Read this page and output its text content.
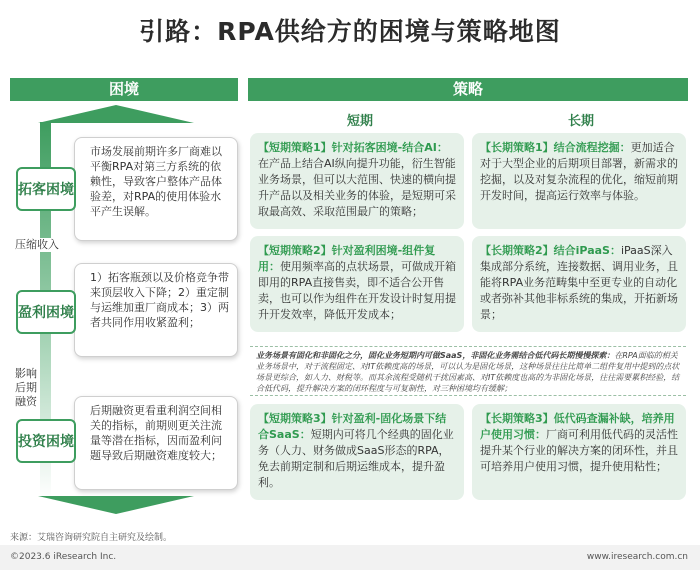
引路：RPA供给方的困境与策略地图
困境	策略
市场发展前期许多厂商难以平衡RPA对第三方系统的依赖性，导致客户整体产品体验差，对RPA的使用体验水平产生误解。
拓客困境
压缩收入
1）拓客瓶颈以及价格竞争带来顶层收入下降；2）重定制与运维加重厂商成本；3）两者共同作用收紧盈利；
盈利困境
影响后期融资
后期融资更看重利润空间相关的指标，前期则更关注流量等潜在指标，因而盈利问题导致后期融资难度较大；
投资困境
短期	长期
【短期策略1】针对拓客困境-结合AI：在产品上结合AI纵向提升功能，衍生智能业务场景，但可以大范围、快速的横向提升产品以及相关业务的体验，是短期可采取最高效、采取范围最广的策略；
【长期策略1】结合流程挖掘：更加适合对于大型企业的后期项目部署，新需求的挖掘，以及对复杂流程的优化，缩短前期开发时间，提高运行效率与体验。
【短期策略2】针对盈利困境-组件复用：使用频率高的点状场景，可做成开箱即用的RPA直接售卖，即不适合公开售卖，也可以作为组件在开发设计时复用提升开发效率，降低开发成本；
【长期策略2】结合iPaaS：iPaaS深入集成部分系统，连接数据、调用业务，且能将RPA业务范畴集中至更专业的自动化或者弥补其他非标系统的集成，开拓新场景；
业务场景有固化和非固化之分，固化业务短期内可做SaaS，非固化业务需结合低代码长期慢慢探索：在RPA面临的相关业务场景中，对于流程固定、对IT依赖度高的场景，可以认为是固化场景，这种场景往往比简单二组件复用中提到的点状场景更综合，如人力、财税等。而其余流程受随机干扰因素高、对IT依赖度也高的为非固化场景，往往需要累积经验，结合低代码，提升解决方案的闭环程度与可复制性，对三种困境均有缓解；
【短期策略3】针对盈利-固化场景下结合SaaS：短期内可将几个经典的固化业务（人力、财务做成SaaS形态的RPA，免去前期定制和后期运维成本，提升盈利。
【长期策略3】低代码查漏补缺，培养用户使用习惯：厂商可利用低代码的灵活性提升某个行业的解决方案的闭环性，并且可培养用户使用习惯，提升使用粘性；
来源：艾瑞咨询研究院自主研究及绘制。
©2023.6 iResearch Inc.	www.iresearch.com.cn
